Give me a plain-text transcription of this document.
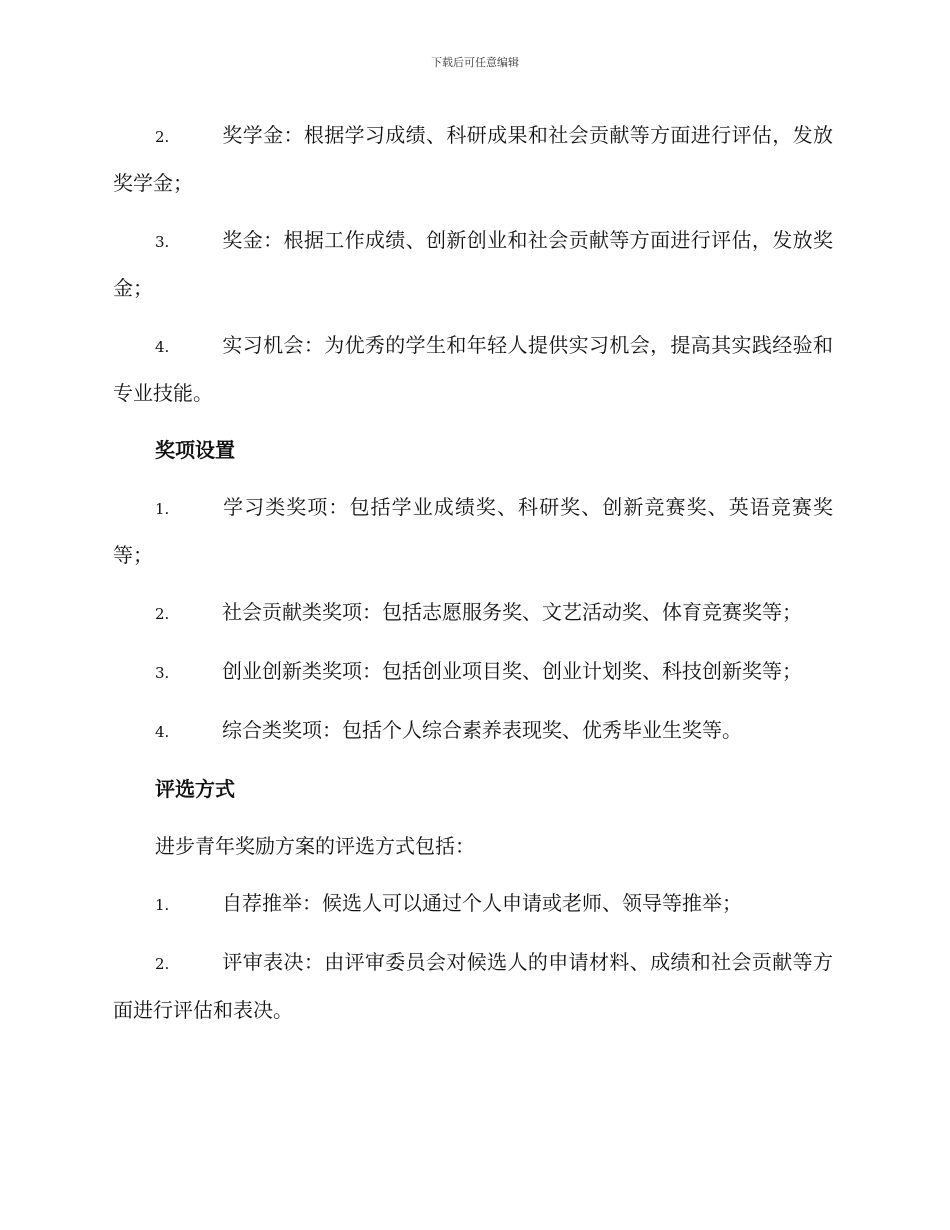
下载后可任意编辑

2.	奖学金：根据学习成绩、科研成果和社会贡献等方面进行评估，发放奖学金；

3.	奖金：根据工作成绩、创新创业和社会贡献等方面进行评估，发放奖金；

4.	实习机会：为优秀的学生和年轻人提供实习机会，提高其实践经验和专业技能。

奖项设置

1.	学习类奖项：包括学业成绩奖、科研奖、创新竞赛奖、英语竞赛奖等；

2.	社会贡献类奖项：包括志愿服务奖、文艺活动奖、体育竞赛奖等；

3.	创业创新类奖项：包括创业项目奖、创业计划奖、科技创新奖等；

4.	综合类奖项：包括个人综合素养表现奖、优秀毕业生奖等。

评选方式

进步青年奖励方案的评选方式包括：

1.	自荐推举：候选人可以通过个人申请或老师、领导等推举；

2.	评审表决：由评审委员会对候选人的申请材料、成绩和社会贡献等方面进行评估和表决。
